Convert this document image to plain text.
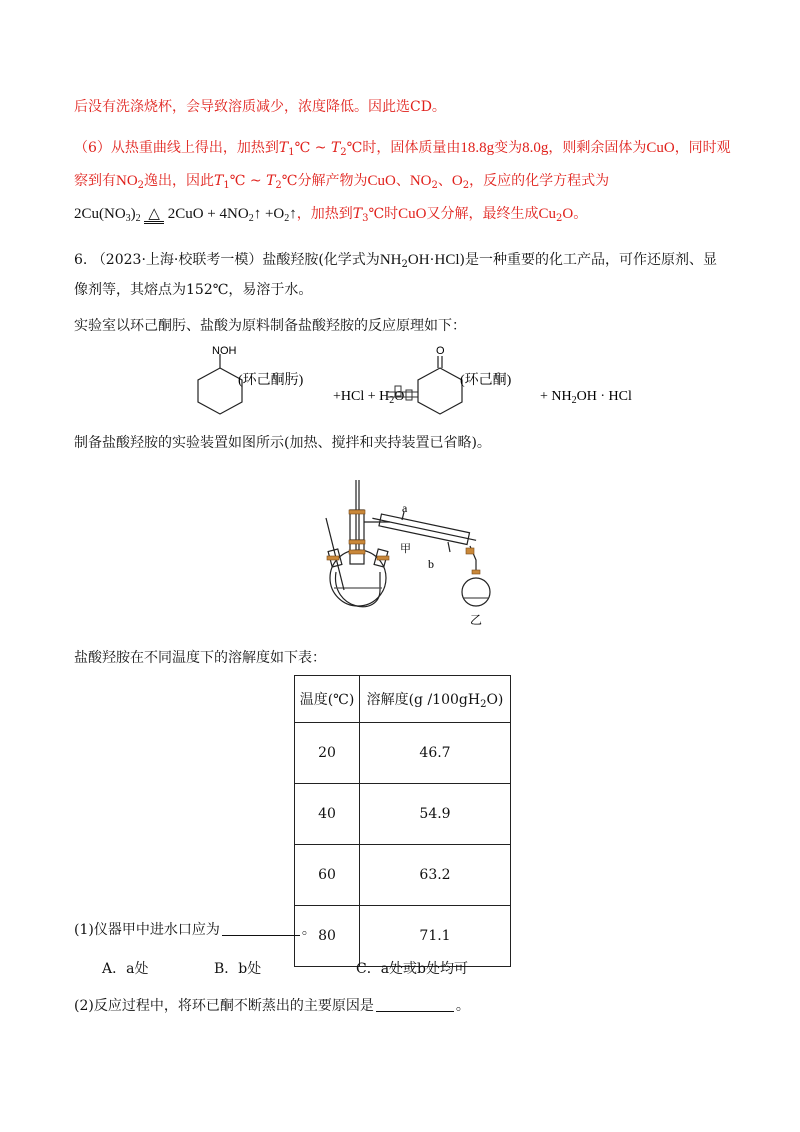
后没有洗涤烧杯，会导致溶质减少，浓度降低。因此选CD。
（6）从热重曲线上得出，加热到$T_1℃$ ~ $T_2℃$时，固体质量由18.8g变为8.0g，则剩余固体为CuO，同时观
察到有$NO_2$逸出，因此$T_1℃$ ~ $T_2℃$分解产物为CuO、$NO_2$、$O_2$，反应的化学方程式为
$2Cu(NO_3)_2$ △ $2CuO + 4NO_2↑$ $+O_2↑$，加热到$T_3℃$时CuO又分解，最终生成$Cu_2O$。
6. （2023·上海·校联考一模）盐酸羟胺(化学式为$NH_2OH\cdot HCl$)是一种重要的化工产品，可作还原剂、显
像剂等，其熔点为152℃，易溶于水。
实验室以环己酮肟、盐酸为原料制备盐酸羟胺的反应原理如下：
NOH
(环己酮肟)
$+HCl + H_2O$
O
(环己酮)
+ $NH_2OH$ · HCl
制备盐酸羟胺的实验装置如图所示(加热、搅拌和夹持装置已省略)。
a
b
甲
乙
盐酸羟胺在不同温度下的溶解度如下表：
温度(℃)	溶解度(g $/100gH_2O$)
20	46.7
40	54.9
60	63.2
80	71.1
(1)仪器甲中进水口应为	。
A．a处	B．b处	C．a处或b处均可
(2)反应过程中，将环已酮不断蒸出的主要原因是	。
